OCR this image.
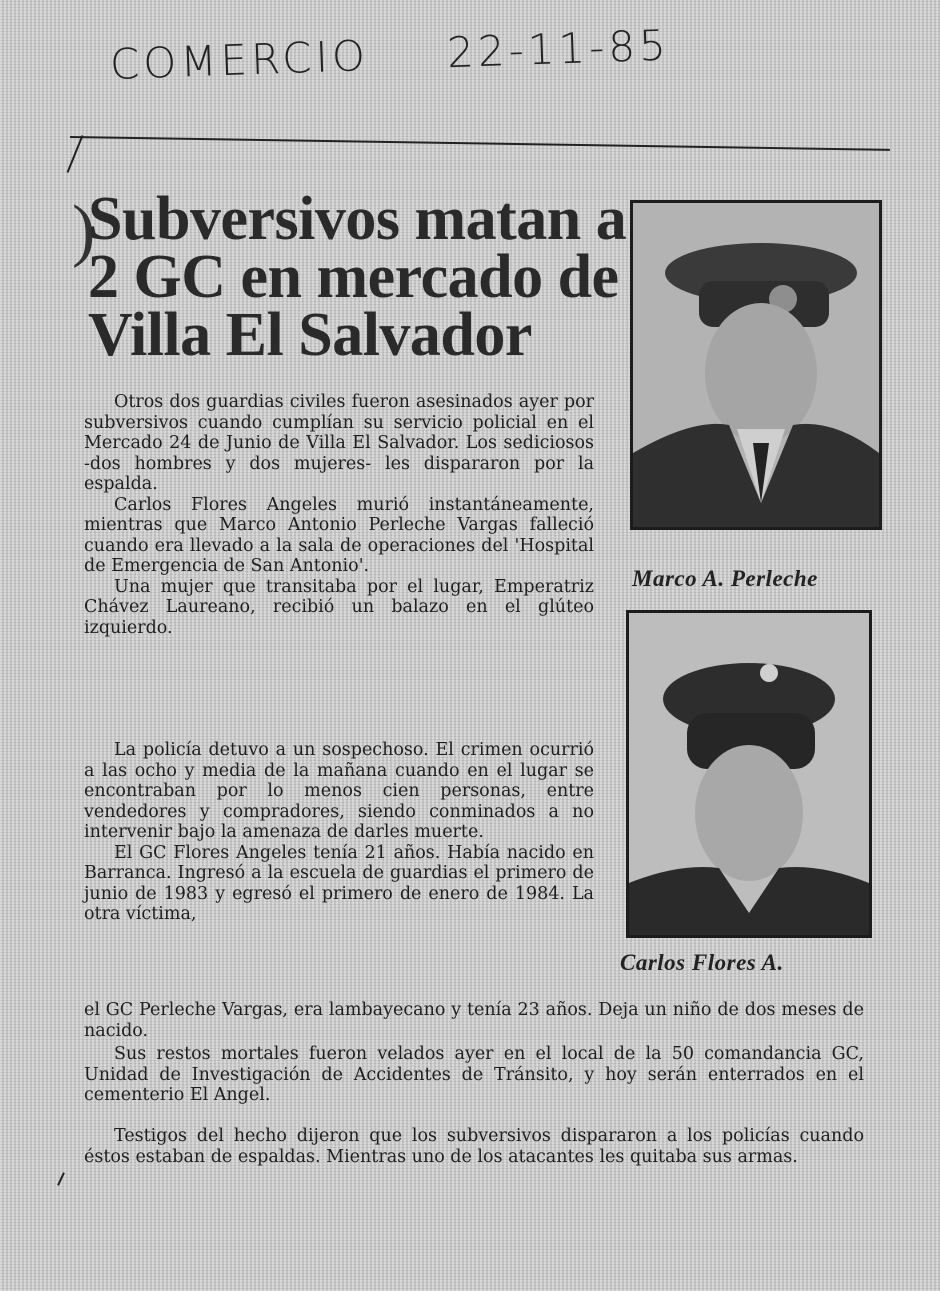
COMERCIO 22-11-85
)
Subversivos matan a
2 GC en mercado de
Villa El Salvador

Otros dos guardias civiles fueron asesinados ayer por subversivos cuando cumplían su servicio policial en el Mercado 24 de Junio de Villa El Salvador. Los sediciosos -dos hombres y dos mujeres- les dispararon por la espalda.

Carlos Flores Angeles murió instantáneamente, mientras que Marco Antonio Perleche Vargas falleció cuando era llevado a la sala de operaciones del 'Hospital de Emergencia de San Antonio'.

Una mujer que transitaba por el lugar, Emperatriz Chávez Laureano, recibió un balazo en el glúteo izquierdo.

La policía detuvo a un sospechoso. El crimen ocurrió a las ocho y media de la mañana cuando en el lugar se encontraban por lo menos cien personas, entre vendedores y compradores, siendo conminados a no intervenir bajo la amenaza de darles muerte.

El GC Flores Angeles tenía 21 años. Había nacido en Barranca. Ingresó a la escuela de guardias el primero de junio de 1983 y egresó el primero de enero de 1984. La otra víctima,

el GC Perleche Vargas, era lambayecano y tenía 23 años. Deja un niño de dos meses de nacido.

Sus restos mortales fueron velados ayer en el local de la 50 comandancia GC, Unidad de Investigación de Accidentes de Tránsito, y hoy serán enterrados en el cementerio El Angel.

Testigos del hecho dijeron que los subversivos dispararon a los policías cuando éstos estaban de espaldas. Mientras uno de los atacantes les quitaba sus armas.

Marco A. Perleche
Carlos Flores A.
